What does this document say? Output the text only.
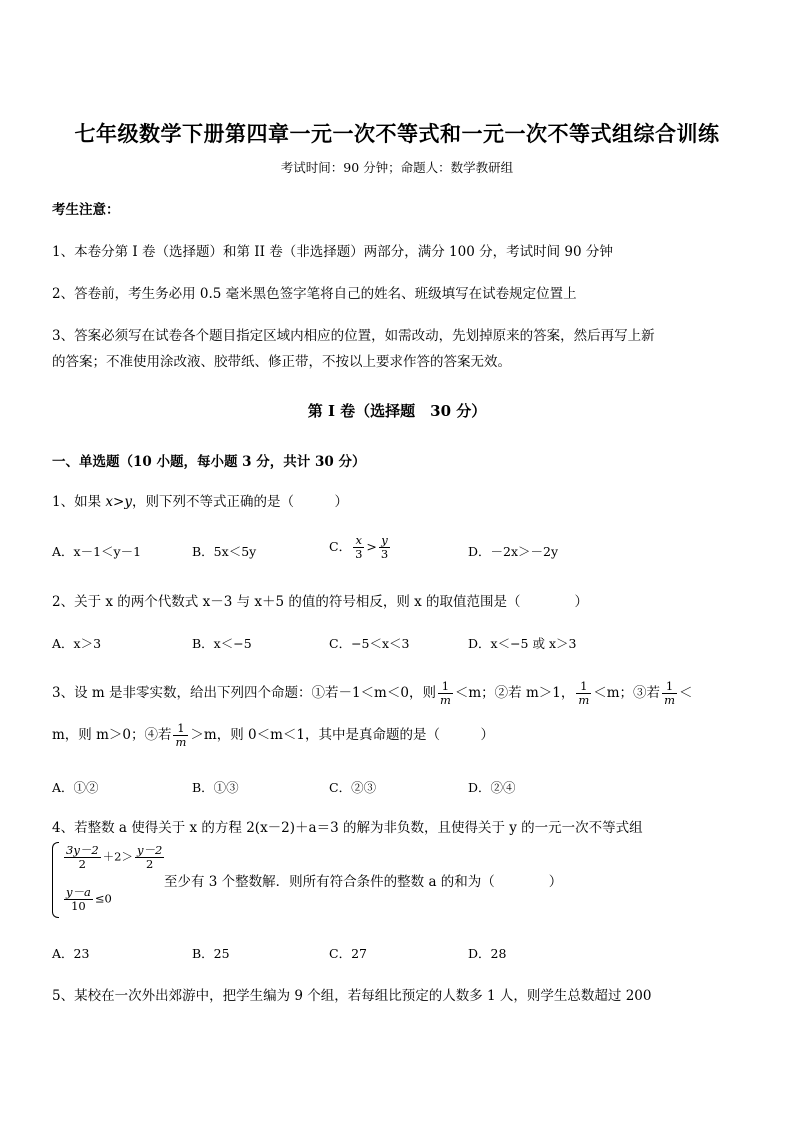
七年级数学下册第四章一元一次不等式和一元一次不等式组综合训练
考试时间：90 分钟；命题人：数学教研组
考生注意：
1、本卷分第 I 卷（选择题）和第 II 卷（非选择题）两部分，满分 100 分，考试时间 90 分钟
2、答卷前，考生务必用 0.5 毫米黑色签字笔将自己的姓名、班级填写在试卷规定位置上
3、答案必须写在试卷各个题目指定区域内相应的位置，如需改动，先划掉原来的答案，然后再写上新
的答案；不准使用涂改液、胶带纸、修正带，不按以上要求作答的答案无效。
第 I 卷（选择题　30 分）
一、单选题（10 小题，每小题 3 分，共计 30 分）
1、如果 x>y，则下列不等式正确的是（　　　）
A．x－1＜y－1	B．5x＜5y	C． $\frac{x}{3} > \frac{y}{3}$	D．－2x＞－2y
2、关于 x 的两个代数式 x－3 与 x＋5 的值的符号相反，则 x 的取值范围是（　　　　）
A．x＞3	B．x＜−5	C．−5＜x＜3	D．x＜−5 或 x＞3
3、设 m 是非零实数，给出下列四个命题：①若－1＜m＜0，则 $\frac{1}{m} <m$；②若 m＞1， $\frac{1}{m} <m$；③若 $\frac{1}{m}$ ＜
m，则 m＞0；④若 $\frac{1}{m} >m$，则 0＜m＜1，其中是真命题的是（　　　）
A．①②	B．①③	C．②③	D．②④
4、若整数 a 使得关于 x 的方程 2(x－2)＋a＝3 的解为非负数，且使得关于 y 的一元一次不等式组
$\frac{3y-2}{2} +2> \frac{y-2}{2}$
$\frac{y-a}{10} \le 0$
至少有 3 个整数解．则所有符合条件的整数 a 的和为（　　　　）
A．23	B．25	C．27	D．28
5、某校在一次外出郊游中，把学生编为 9 个组，若每组比预定的人数多 1 人，则学生总数超过 200
